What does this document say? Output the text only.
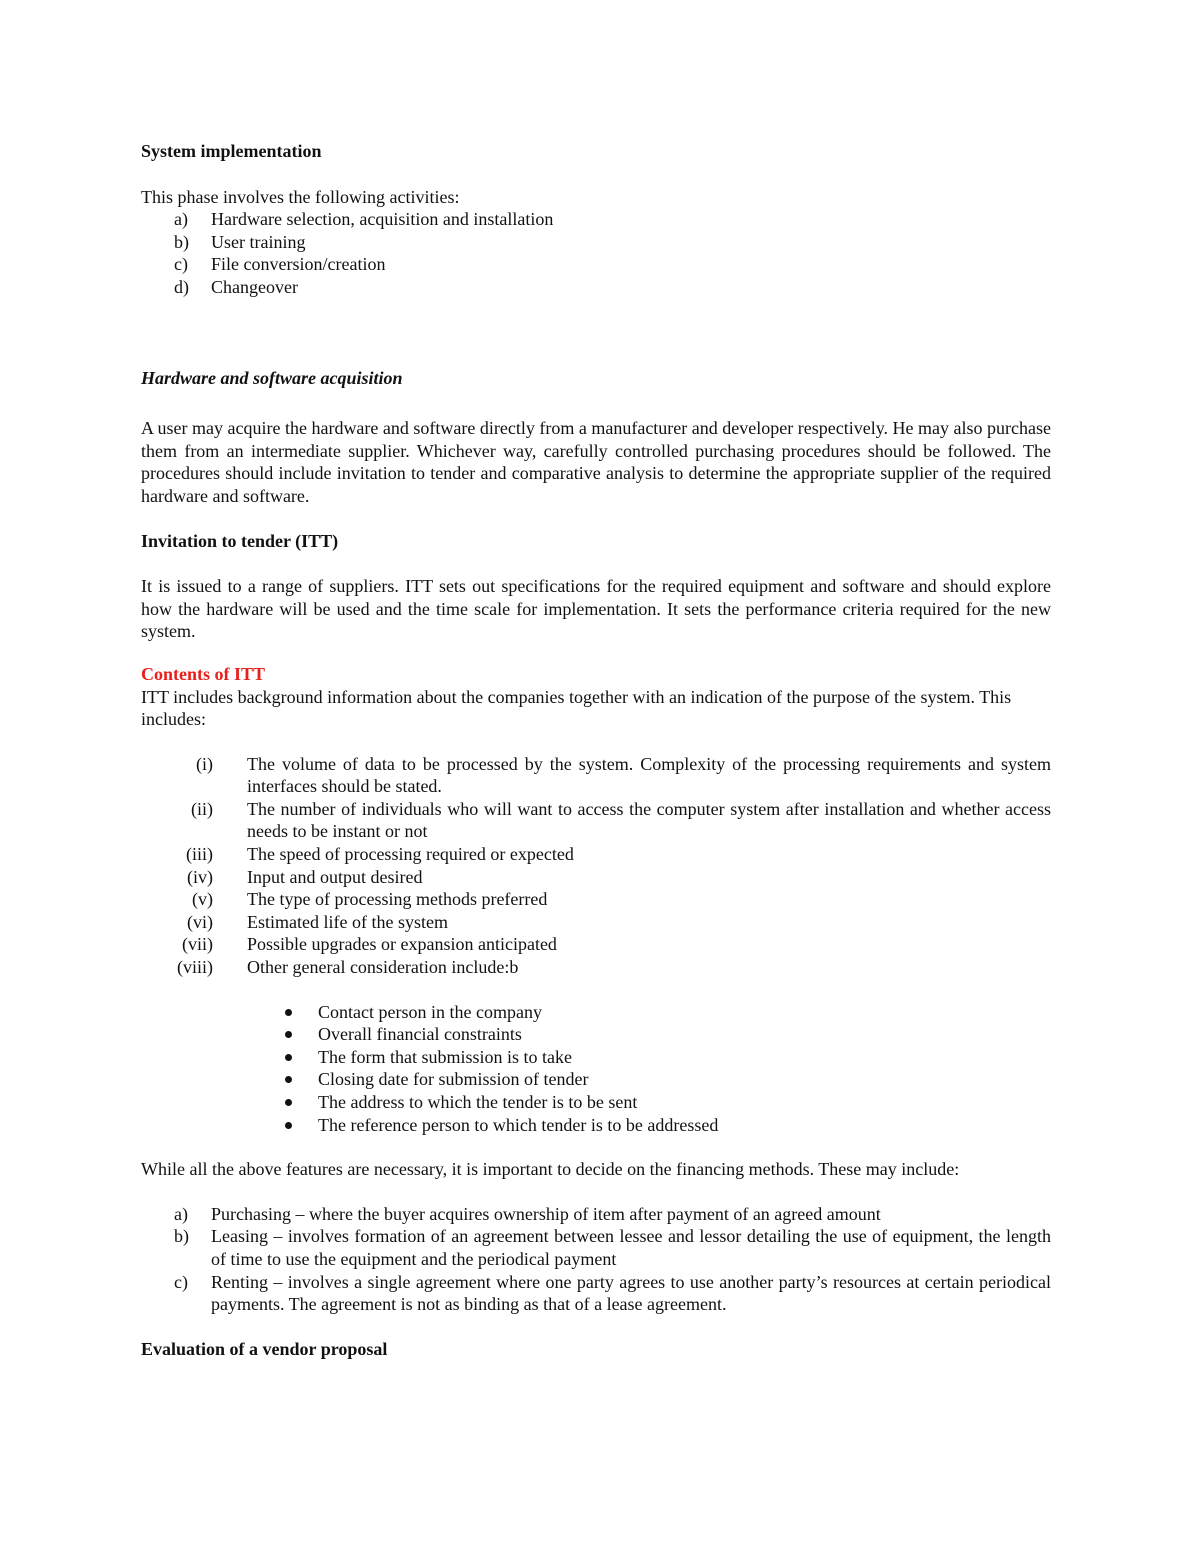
System implementation

This phase involves the following activities:

a) Hardware selection, acquisition and installation
b) User training
c) File conversion/creation
d) Changeover

Hardware and software acquisition

A user may acquire the hardware and software directly from a manufacturer and developer respectively. He may also purchase them from an intermediate supplier. Whichever way, carefully controlled purchasing procedures should be followed. The procedures should include invitation to tender and comparative analysis to determine the appropriate supplier of the required hardware and software.

Invitation to tender (ITT)

It is issued to a range of suppliers. ITT sets out specifications for the required equipment and software and should explore how the hardware will be used and the time scale for implementation. It sets the performance criteria required for the new system.

Contents of ITT

ITT includes background information about the companies together with an indication of the purpose of the system. This includes:

(i) The volume of data to be processed by the system. Complexity of the processing requirements and system interfaces should be stated.
(ii) The number of individuals who will want to access the computer system after installation and whether access needs to be instant or not
(iii) The speed of processing required or expected
(iv) Input and output desired
(v) The type of processing methods preferred
(vi) Estimated life of the system
(vii) Possible upgrades or expansion anticipated
(viii) Other general consideration include:b
Contact person in the company
Overall financial constraints
The form that submission is to take
Closing date for submission of tender
The address to which the tender is to be sent
The reference person to which tender is to be addressed

While all the above features are necessary, it is important to decide on the financing methods. These may include:

a) Purchasing – where the buyer acquires ownership of item after payment of an agreed amount
b) Leasing – involves formation of an agreement between lessee and lessor detailing the use of equipment, the length of time to use the equipment and the periodical payment
c) Renting – involves a single agreement where one party agrees to use another party’s resources at certain periodical payments. The agreement is not as binding as that of a lease agreement.

Evaluation of a vendor proposal
